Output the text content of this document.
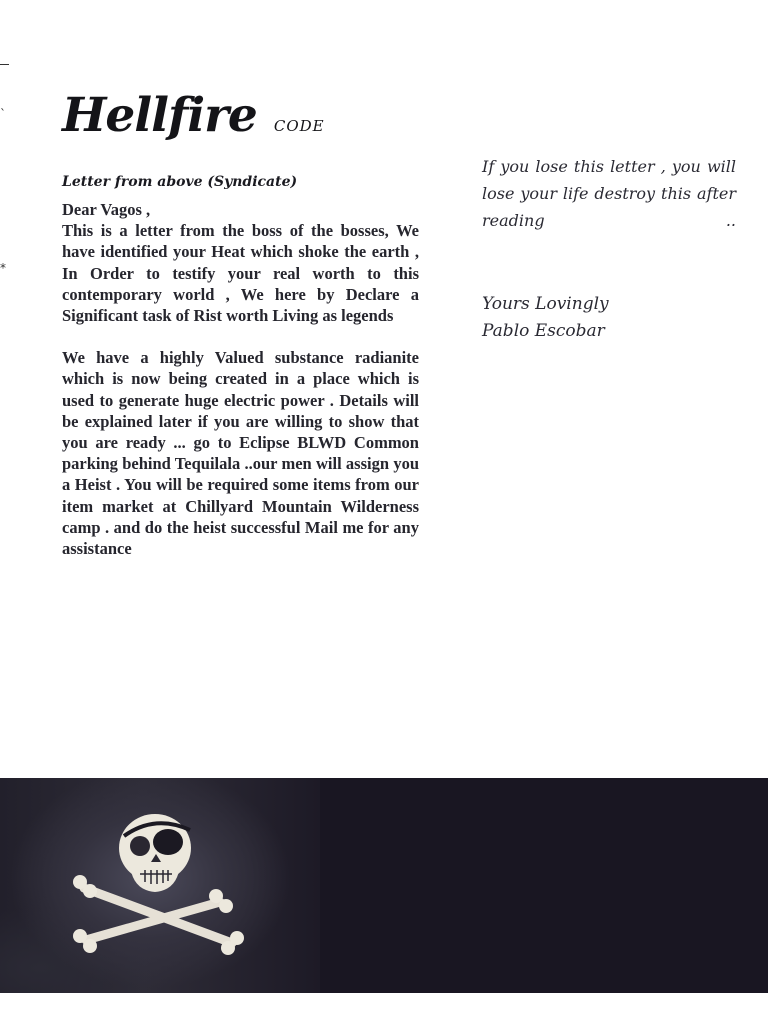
`
*
Hellfire CODE
Letter from above (Syndicate)

Dear Vagos ,

This is a letter from the boss of the bosses, We have identified your Heat which shoke the earth , In Order to testify your real worth to this contemporary world , We here by Declare a Significant task of Rist worth Living as legends

We have a highly Valued substance radianite which is now being created in a place which is used to generate huge electric power . Details will be explained later if you are willing to show that you are ready ... go to Eclipse BLWD Common parking behind Tequilala ..our men will assign you a Heist . You will be required some items from our item market at Chillyard Mountain Wilderness camp . and do the heist successful Mail me for any assistance

If you lose this letter , you will lose your life destroy this after reading ..
Yours Lovingly
Pablo Escobar
